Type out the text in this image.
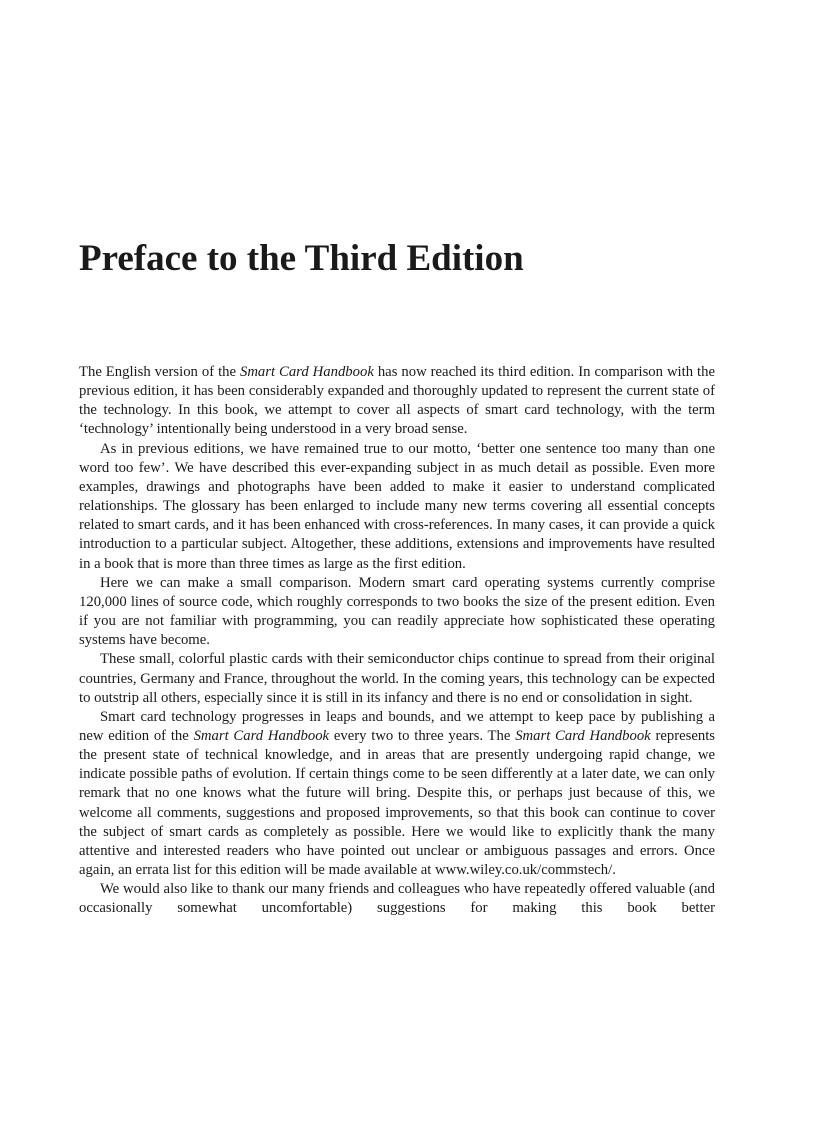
Preface to the Third Edition

The English version of the Smart Card Handbook has now reached its third edition. In comparison with the previous edition, it has been considerably expanded and thoroughly updated to represent the current state of the technology. In this book, we attempt to cover all aspects of smart card technology, with the term ‘technology’ intentionally being understood in a very broad sense.

As in previous editions, we have remained true to our motto, ‘better one sentence too many than one word too few’. We have described this ever-expanding subject in as much detail as possible. Even more examples, drawings and photographs have been added to make it easier to understand complicated relationships. The glossary has been enlarged to include many new terms covering all essential concepts related to smart cards, and it has been enhanced with cross-references. In many cases, it can provide a quick introduction to a particular subject. Altogether, these additions, extensions and improvements have resulted in a book that is more than three times as large as the first edition.

Here we can make a small comparison. Modern smart card operating systems currently comprise 120,000 lines of source code, which roughly corresponds to two books the size of the present edition. Even if you are not familiar with programming, you can readily appreciate how sophisticated these operating systems have become.

These small, colorful plastic cards with their semiconductor chips continue to spread from their original countries, Germany and France, throughout the world. In the coming years, this technology can be expected to outstrip all others, especially since it is still in its infancy and there is no end or consolidation in sight.

Smart card technology progresses in leaps and bounds, and we attempt to keep pace by publishing a new edition of the Smart Card Handbook every two to three years. The Smart Card Handbook represents the present state of technical knowledge, and in areas that are presently undergoing rapid change, we indicate possible paths of evolution. If certain things come to be seen differently at a later date, we can only remark that no one knows what the future will bring. Despite this, or perhaps just because of this, we welcome all comments, suggestions and proposed improvements, so that this book can continue to cover the subject of smart cards as completely as possible. Here we would like to explicitly thank the many attentive and interested readers who have pointed out unclear or ambiguous passages and errors. Once again, an errata list for this edition will be made available at www.wiley.co.uk/commstech/.

We would also like to thank our many friends and colleagues who have repeatedly offered valuable (and occasionally somewhat uncomfortable) suggestions for making this book better
